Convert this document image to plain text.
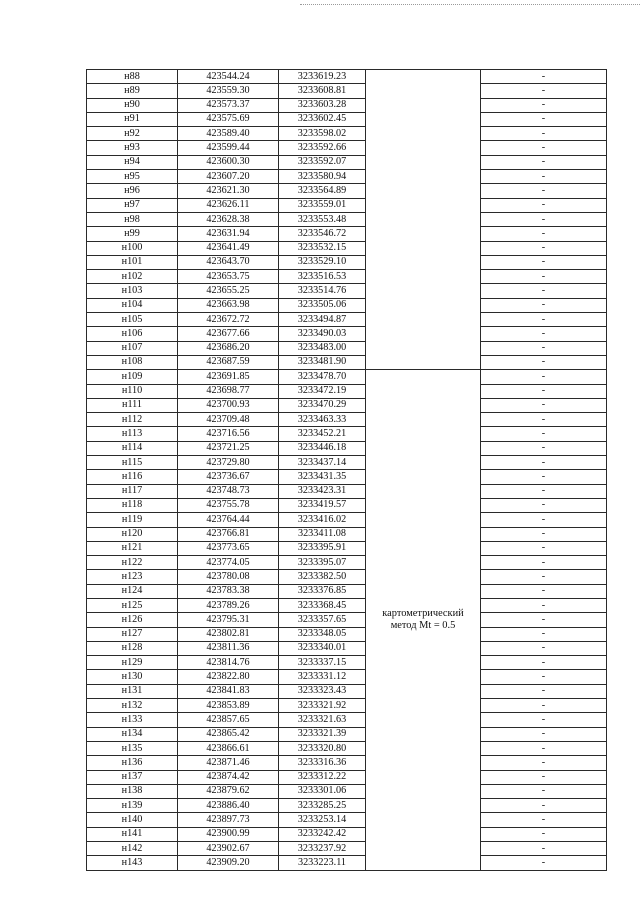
н88	423544.24	3233619.23		-
н89	423559.30	3233608.81		-
н90	423573.37	3233603.28		-
н91	423575.69	3233602.45		-
н92	423589.40	3233598.02		-
н93	423599.44	3233592.66		-
н94	423600.30	3233592.07		-
н95	423607.20	3233580.94		-
н96	423621.30	3233564.89		-
н97	423626.11	3233559.01		-
н98	423628.38	3233553.48		-
н99	423631.94	3233546.72		-
н100	423641.49	3233532.15		-
н101	423643.70	3233529.10		-
н102	423653.75	3233516.53		-
н103	423655.25	3233514.76		-
н104	423663.98	3233505.06		-
н105	423672.72	3233494.87		-
н106	423677.66	3233490.03		-
н107	423686.20	3233483.00		-
н108	423687.59	3233481.90		-
н109	423691.85	3233478.70	картометрический
метод Mt = 0.5	-
н110	423698.77	3233472.19		-
н111	423700.93	3233470.29		-
н112	423709.48	3233463.33		-
н113	423716.56	3233452.21		-
н114	423721.25	3233446.18		-
н115	423729.80	3233437.14		-
н116	423736.67	3233431.35		-
н117	423748.73	3233423.31		-
н118	423755.78	3233419.57		-
н119	423764.44	3233416.02		-
н120	423766.81	3233411.08		-
н121	423773.65	3233395.91		-
н122	423774.05	3233395.07		-
н123	423780.08	3233382.50		-
н124	423783.38	3233376.85		-
н125	423789.26	3233368.45		-
н126	423795.31	3233357.65		-
н127	423802.81	3233348.05		-
н128	423811.36	3233340.01		-
н129	423814.76	3233337.15		-
н130	423822.80	3233331.12		-
н131	423841.83	3233323.43		-
н132	423853.89	3233321.92		-
н133	423857.65	3233321.63		-
н134	423865.42	3233321.39		-
н135	423866.61	3233320.80		-
н136	423871.46	3233316.36		-
н137	423874.42	3233312.22		-
н138	423879.62	3233301.06		-
н139	423886.40	3233285.25		-
н140	423897.73	3233253.14		-
н141	423900.99	3233242.42		-
н142	423902.67	3233237.92		-
н143	423909.20	3233223.11		-
